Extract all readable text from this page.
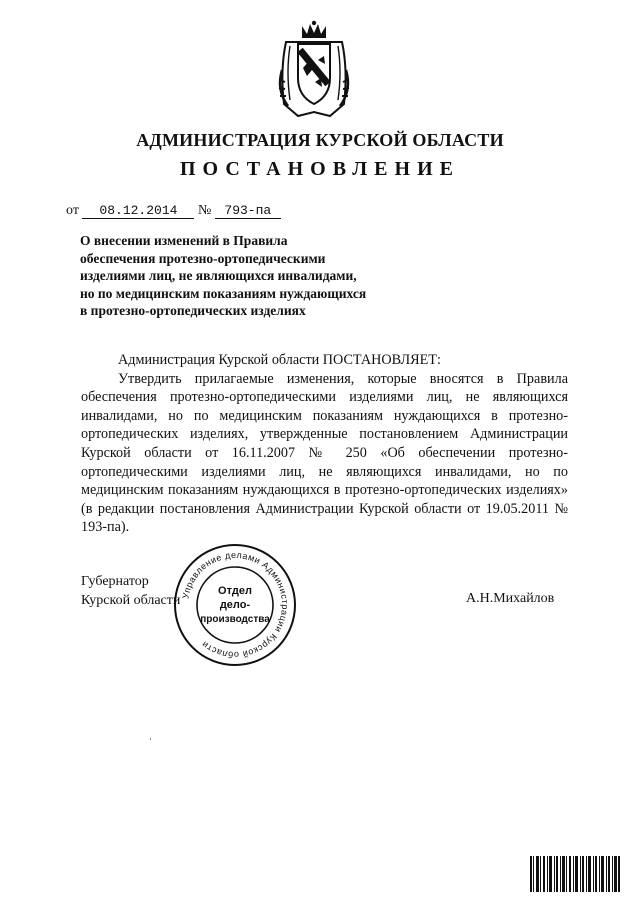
АДМИНИСТРАЦИЯ КУРСКОЙ ОБЛАСТИ
ПОСТАНОВЛЕНИЕ
от 08.12.2014 № 793-па
О внесении изменений в Правила
обеспечения протезно-ортопедическими
изделиями лиц, не являющихся инвалидами,
но по медицинским показаниям нуждающихся
в протезно-ортопедических изделиях
Администрация Курской области ПОСТАНОВЛЯЕТ:

Утвердить прилагаемые изменения, которые вносятся в Правила обеспечения протезно-ортопедическими изделиями лиц, не являющихся инвалидами, но по медицинским показаниям нуждающихся в протезно-ортопедических изделиях, утвержденные постановлением Администрации Курской области от 16.11.2007 № 250 «Об обеспечении протезно-ортопедическими изделиями лиц, не являющихся инвалидами, но по медицинским показаниям нуждающихся в протезно-ортопедических изделиях» (в редакции постановления Администрации Курской области от 19.05.2011 № 193-па).

Губернатор
Курской области	А.Н.Михайлов
Управление делами Администрации Курской области
Отдел
дело-
производства
